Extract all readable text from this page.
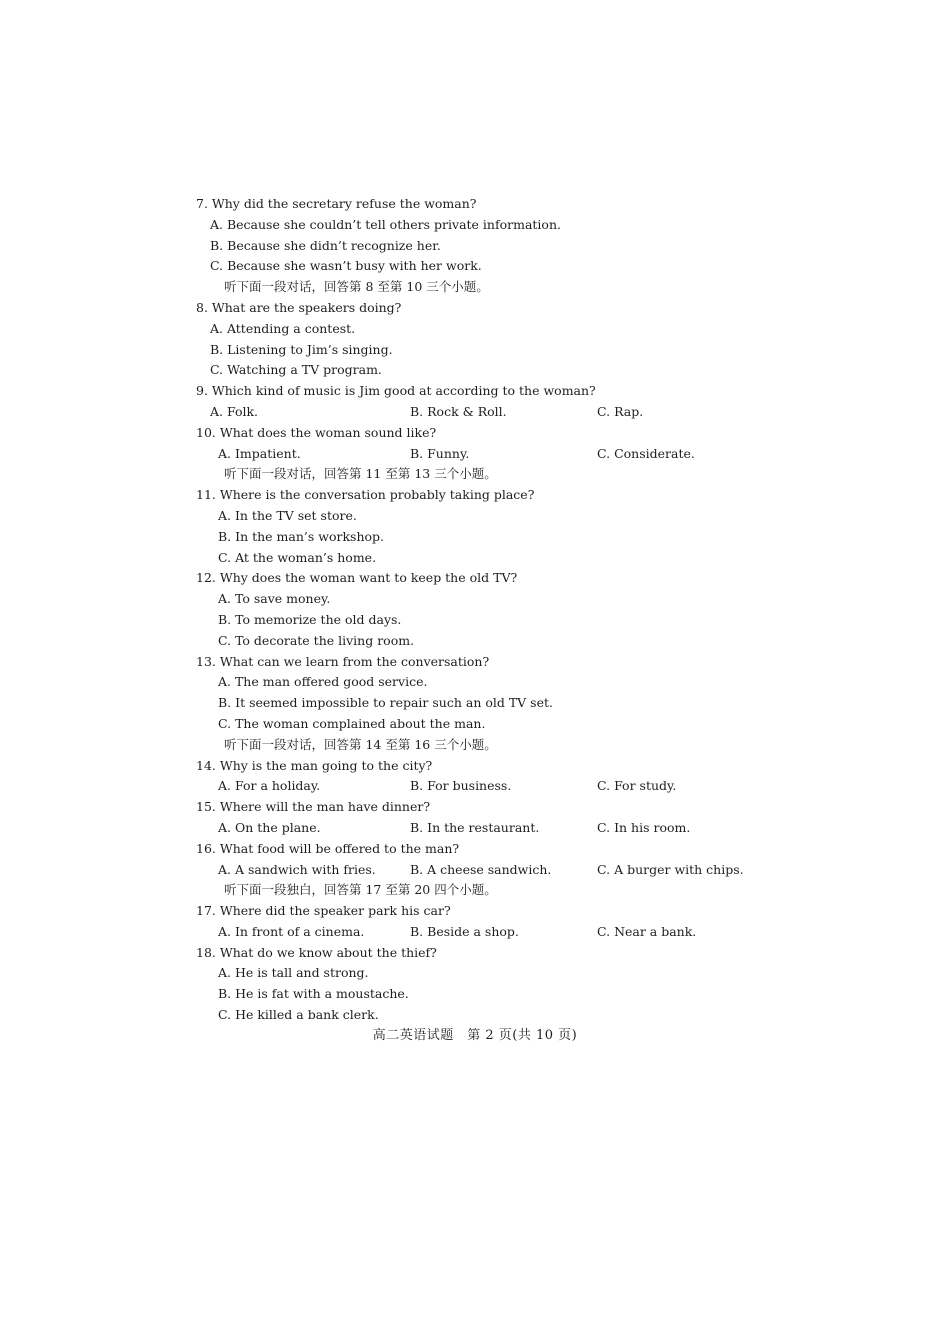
7. Why did the secretary refuse the woman?
A. Because she couldn’t tell others private information.
B. Because she didn’t recognize her.
C. Because she wasn’t busy with her work.
听下面一段对话，回答第 8 至第 10 三个小题。
8. What are the speakers doing?
A. Attending a contest.
B. Listening to Jim’s singing.
C. Watching a TV program.
9. Which kind of music is Jim good at according to the woman?
A. Folk.	B. Rock & Roll.	C. Rap.
10. What does the woman sound like?
A. Impatient.	B. Funny.	C. Considerate.
听下面一段对话，回答第 11 至第 13 三个小题。
11. Where is the conversation probably taking place?
A. In the TV set store.
B. In the man’s workshop.
C. At the woman’s home.
12. Why does the woman want to keep the old TV?
A. To save money.
B. To memorize the old days.
C. To decorate the living room.
13. What can we learn from the conversation?
A. The man offered good service.
B. It seemed impossible to repair such an old TV set.
C. The woman complained about the man.
听下面一段对话，回答第 14 至第 16 三个小题。
14. Why is the man going to the city?
A. For a holiday.	B. For business.	C. For study.
15. Where will the man have dinner?
A. On the plane.	B. In the restaurant.	C. In his room.
16. What food will be offered to the man?
A. A sandwich with fries.	B. A cheese sandwich.	C. A burger with chips.
听下面一段独白，回答第 17 至第 20 四个小题。
17. Where did the speaker park his car?
A. In front of a cinema.	B. Beside a shop.	C. Near a bank.
18. What do we know about the thief?
A. He is tall and strong.
B. He is fat with a moustache.
C. He killed a bank clerk.
高二英语试题　第 2 页(共 10 页)
